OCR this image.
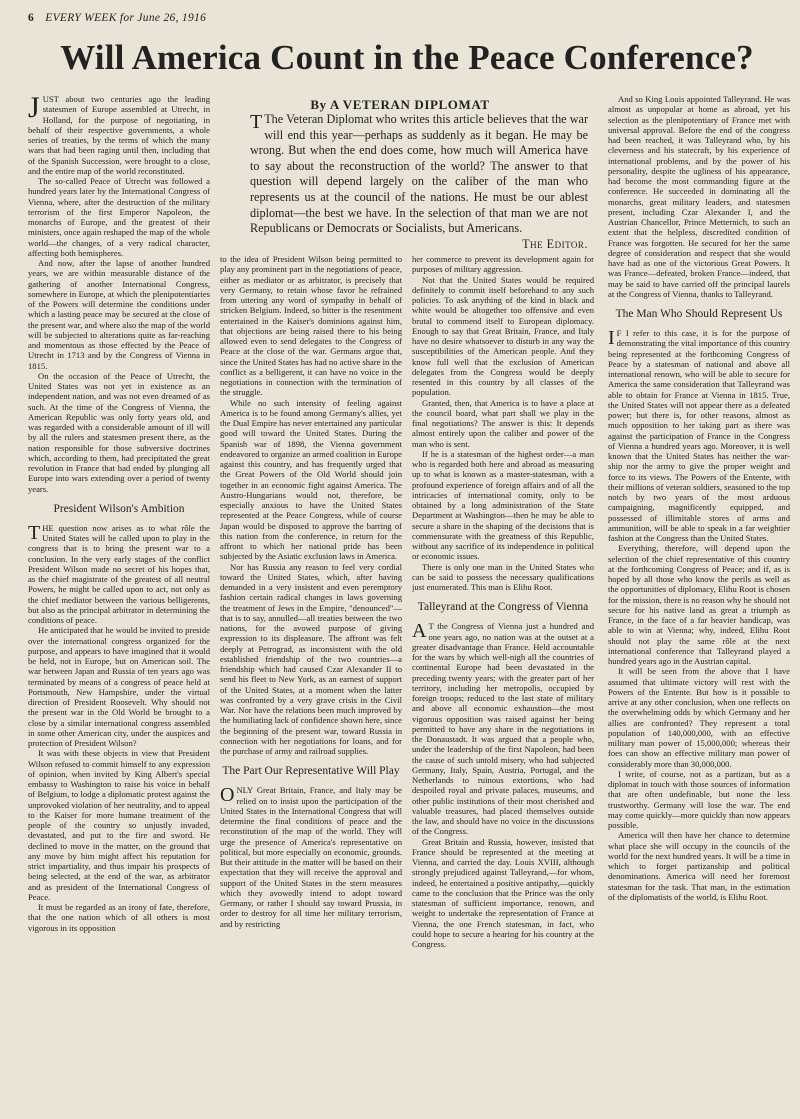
6 EVERY WEEK for June 26, 1916
Will America Count in the Peace Conference?
By A VETERAN DIPLOMAT

JUST about two centuries ago the leading statesmen of Europe assembled at Utrecht, in Holland, for the purpose of negotiating, in behalf of their respective governments, a whole series of treaties, by the terms of which the many wars that had been raging until then, including that of the Spanish Succession, were brought to a close, and the entire map of the world reconstituted.

The so-called Peace of Utrecht was followed a hundred years later by the International Congress of Vienna, where, after the destruction of the military terrorism of the first Emperor Napoleon, the monarchs of Europe, and the greatest of their ministers, once again reshaped the map of the whole world—the changes, of a very radical character, affecting both hemispheres.

And now, after the lapse of another hundred years, we are within measurable distance of the gathering of another International Congress, somewhere in Europe, at which the plenipotentiaries of the Powers will determine the conditions under which a lasting peace may be secured at the close of the present war, and where also the map of the world will be subjected to alterations quite as far-reaching and momentous as those effected by the Peace of Utrecht in 1713 and by the Congress of Vienna in 1815.

On the occasion of the Peace of Utrecht, the United States was not yet in existence as an independent nation, and was not even dreamed of as such. At the time of the Congress of Vienna, the American Republic was only forty years old, and was regarded with a considerable amount of ill will by all the rulers and statesmen present there, as the nation responsible for those subversive doctrines which, according to them, had precipitated the great revolution in France that had ended by plunging all Europe into wars extending over a period of twenty years.

President Wilson's Ambition

THE question now arises as to what rôle the United States will be called upon to play in the congress that is to bring the present war to a conclusion. In the very early stages of the conflict President Wilson made no secret of his hopes that, as the chief magistrate of the greatest of all neutral Powers, he might be called upon to act, not only as the chief mediator between the various belligerents, but also as the principal arbitrator in determining the conditions of peace.

He anticipated that he would be invited to preside over the international congress organized for the purpose, and appears to have imagined that it would be held, not in Europe, but on American soil. The war between Japan and Russia of ten years ago was terminated by means of a congress of peace held at Portsmouth, New Hampshire, under the virtual direction of President Roosevelt. Why should not the present war in the Old World be brought to a close by a similar international congress assembled in some other American city, under the auspices and protection of President Wilson?

It was with these objects in view that President Wilson refused to commit himself to any expression of opinion, when invited by King Albert's special embassy to Washington to raise his voice in behalf of Belgium, to lodge a diplomatic protest against the unprovoked violation of her neutrality, and to appeal to the Kaiser for more humane treatment of the people of the country so unjustly invaded, devastated, and put to the fire and sword. He declined to move in the matter, on the ground that any move by him might affect his reputation for strict impartiality, and thus impair his prospects of being selected, at the end of the war, as arbitrator and as president of the International Congress of Peace.

It must be regarded as an irony of fate, therefore, that the one nation which of all others is most vigorous in its opposition

T The Veteran Diplomat who writes this article believes that the war will end this year—perhaps as suddenly as it began. He may be wrong. But when the end does come, how much will America have to say about the reconstruction of the world? The answer to that question will depend largely on the caliber of the man who represents us at the council of the nations. He must be our ablest diplomat—the best we have. In the selection of that man we are not Republicans or Democrats or Socialists, but Americans.

The Editor.

to the idea of President Wilson being permitted to play any prominent part in the negotiations of peace, either as mediator or as arbitrator, is precisely that very Germany, to retain whose favor he refrained from uttering any word of sympathy in behalf of stricken Belgium. Indeed, so bitter is the resentment entertained in the Kaiser's dominions against him, that objections are being raised there to his being allowed even to send delegates to the Congress of Peace at the close of the war. Germans argue that, since the United States has had no active share in the conflict as a belligerent, it can have no voice in the negotiations in connection with the termination of the struggle.

While no such intensity of feeling against America is to be found among Germany's allies, yet the Dual Empire has never entertained any particular good will toward the United States. During the Spanish war of 1898, the Vienna government endeavored to organize an armed coalition in Europe against this country, and has frequently urged that the Great Powers of the Old World should join together in an economic fight against America. The Austro-Hungarians would not, therefore, be especially anxious to have the United States represented at the Peace Congress, while of course Japan would be disposed to approve the barring of this nation from the conference, in return for the affront to which her national pride has been subjected by the Asiatic exclusion laws in America.

Nor has Russia any reason to feel very cordial toward the United States, which, after having demanded in a very insistent and even peremptory fashion certain radical changes in laws governing the treatment of Jews in the Empire, "denounced"—that is to say, annulled—all treaties between the two nations, for the avowed purpose of giving expression to its displeasure. The affront was felt deeply at Petrograd, as inconsistent with the old established friendship of the two countries—a friendship which had caused Czar Alexander II to send his fleet to New York, as an earnest of support of the United States, at a moment when the latter was confronted by a very grave crisis in the Civil War. Nor have the relations been much improved by the humiliating lack of confidence shown here, since the beginning of the present war, toward Russia in connection with her negotiations for loans, and for the purchase of army and railroad supplies.

The Part Our Representative Will Play

ONLY Great Britain, France, and Italy may be relied on to insist upon the participation of the United States in the International Congress that will determine the final conditions of peace and the reconstitution of the map of the world. They will urge the presence of America's representative on political, but more especially on economic, grounds. But their attitude in the matter will be based on their expectation that they will receive the approval and support of the United States in the stern measures which they avowedly intend to adopt toward Germany, or rather I should say toward Prussia, in order to destroy for all time her military terrorism, and by restricting

her commerce to prevent its development again for purposes of military aggression.

Not that the United States would be required definitely to commit itself beforehand to any such policies. To ask anything of the kind in black and white would be altogether too offensive and even brutal to commend itself to European diplomacy. Enough to say that Great Britain, France, and Italy have no desire whatsoever to disturb in any way the susceptibilities of the American people. And they know full well that the exclusion of American delegates from the Congress would be deeply resented in this country by all classes of the population.

Granted, then, that America is to have a place at the council board, what part shall we play in the final negotiations? The answer is this: It depends almost entirely upon the caliber and power of the man who is sent.

If he is a statesman of the highest order—a man who is regarded both here and abroad as measuring up to what is known as a master-statesman, with a profound experience of foreign affairs and of all the intricacies of international comity, only to be obtained by a long administration of the State Department at Washington—then he may be able to secure a share in the shaping of the decisions that is commensurate with the greatness of this Republic, without any sacrifice of its independence in political or economic issues.

There is only one man in the United States who can be said to possess the necessary qualifications just enumerated. This man is Elihu Root.

Talleyrand at the Congress of Vienna

A T the Congress of Vienna just a hundred and one years ago, no nation was at the outset at a greater disadvantage than France. Held accountable for the wars by which well-nigh all the countries of continental Europe had been devastated in the preceding twenty years; with the greater part of her territory, including her metropolis, occupied by foreign troops; reduced to the last state of military and above all economic exhaustion—the most vigorous opposition was raised against her being permitted to have any share in the negotiations in the Donaustadt. It was argued that a people who, under the leadership of the first Napoleon, had been the cause of such untold misery, who had subjected Germany, Italy, Spain, Austria, Portugal, and the Netherlands to ruinous extortions, who had despoiled royal and private palaces, museums, and other public institutions of their most cherished and valuable treasures, had placed themselves outside the law, and should have no voice in the discussions of the Congress.

Great Britain and Russia, however, insisted that France should be represented at the meeting at Vienna, and carried the day. Louis XVIII, although strongly prejudiced against Talleyrand,—for whom, indeed, he entertained a positive antipathy,—quickly came to the conclusion that the Prince was the only statesman of sufficient importance, renown, and weight to undertake the representation of France at Vienna, the one French statesman, in fact, who could hope to secure a hearing for his country at the Congress.

And so King Louis appointed Talleyrand. He was almost as unpopular at home as abroad, yet his selection as the plenipotentiary of France met with universal approval. Before the end of the congress had been reached, it was Talleyrand who, by his cleverness and his statecraft, by his experience of international problems, and by the power of his personality, despite the ugliness of his appearance, had become the most commanding figure at the conference. He succeeded in dominating all the monarchs, great military leaders, and statesmen present, including Czar Alexander I, and the Austrian Chancellor, Prince Metternich, to such an extent that the helpless, discredited condition of France was forgotten. He secured for her the same degree of consideration and respect that she would have had as one of the victorious Great Powers. It was France—defeated, broken France—indeed, that may be said to have carried off the principal laurels at the Congress of Vienna, thanks to Talleyrand.

The Man Who Should Represent Us

I F I refer to this case, it is for the purpose of demonstrating the vital importance of this country being represented at the forthcoming Congress of Peace by a statesman of national and above all international renown, who will be able to secure for America the same consideration that Talleyrand was able to obtain for France at Vienna in 1815. True, the United States will not appear there as a defeated power; but there is, for other reasons, almost as much opposition to her taking part as there was against the participation of France in the Congress of Vienna a hundred years ago. Moreover, it is well known that the United States has neither the war-ship nor the army to give the proper weight and force to its views. The Powers of the Entente, with their millions of veteran soldiers, seasoned to the top notch by two years of the most arduous campaigning, magnificently equipped, and possessed of illimitable stores of arms and ammunition, will be able to speak in a far weightier fashion at the Congress than the United States.

Everything, therefore, will depend upon the selection of the chief representative of this country at the forthcoming Congress of Peace; and if, as is hoped by all those who know the perils as well as the opportunities of diplomacy, Elihu Root is chosen for the mission, there is no reason why he should not secure for his native land as great a triumph as France, in the face of a far heavier handicap, was able to win at Vienna; why, indeed, Elihu Root should not play the same rôle at the next international conference that Talleyrand played a hundred years ago in the Austrian capital.

It will be seen from the above that I have assumed that ultimate victory will rest with the Powers of the Entente. But how is it possible to arrive at any other conclusion, when one reflects on the overwhelming odds by which Germany and her allies are confronted? They represent a total population of 140,000,000, with an effective military man power of 15,000,000; whereas their foes can show an effective military man power of considerably more than 30,000,000.

I write, of course, not as a partizan, but as a diplomat in touch with those sources of information that are often undefinable, but none the less trustworthy. Germany will lose the war. The end may come quickly—more quickly than now appears possible.

America will then have her chance to determine what place she will occupy in the councils of the world for the next hundred years. It will be a time in which to forget partizanship and political denominations. America will need her foremost statesman for the task. That man, in the estimation of the diplomatists of the world, is Elihu Root.
